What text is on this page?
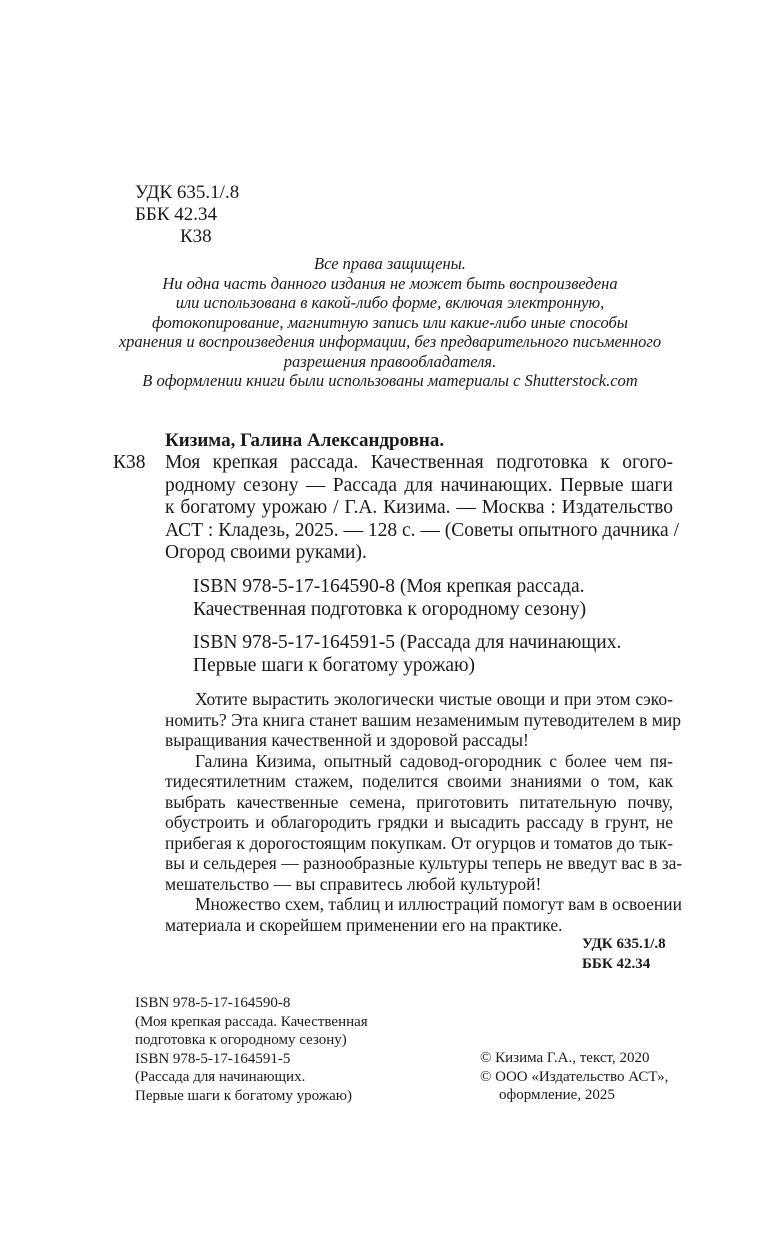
УДК 635.1/.8
ББК 42.34
К38
Все права защищены.
Ни одна часть данного издания не может быть воспроизведена
или использована в какой-либо форме, включая электронную,
фотокопирование, магнитную запись или какие-либо иные способы
хранения и воспроизведения информации, без предварительного письменного
разрешения правообладателя.
В оформлении книги были использованы материалы с Shutterstock.com
Кизима, Галина Александровна.
К38 Моя крепкая рассада. Качественная подготовка к огого-
родному сезону — Рассада для начинающих. Первые шаги
к богатому урожаю / Г.А. Кизима. — Москва : Издательство
АСТ : Кладезь, 2025. — 128 с. — (Советы опытного дачника /
Огород своими руками).
ISBN 978-5-17-164590-8 (Моя крепкая рассада.
Качественная подготовка к огородному сезону)
ISBN 978-5-17-164591-5 (Рассада для начинающих.
Первые шаги к богатому урожаю)
Хотите вырастить экологически чистые овощи и при этом сэко-
номить? Эта книга станет вашим незаменимым путеводителем в мир
выращивания качественной и здоровой рассады!
Галина Кизима, опытный садовод-огородник с более чем пя-
тидесятилетним стажем, поделится своими знаниями о том, как
выбрать качественные семена, приготовить питательную почву,
обустроить и облагородить грядки и высадить рассаду в грунт, не
прибегая к дорогостоящим покупкам. От огурцов и томатов до тык-
вы и сельдерея — разнообразные культуры теперь не введут вас в за-
мешательство — вы справитесь любой культурой!
Множество схем, таблиц и иллюстраций помогут вам в освоении
материала и скорейшем применении его на практике.
УДК 635.1/.8
ББК 42.34
ISBN 978-5-17-164590-8
(Моя крепкая рассада. Качественная
подготовка к огородному сезону)
ISBN 978-5-17-164591-5
(Рассада для начинающих.
Первые шаги к богатому урожаю)
© Кизима Г.А., текст, 2020
© ООО «Издательство АСТ»,
оформление, 2025
